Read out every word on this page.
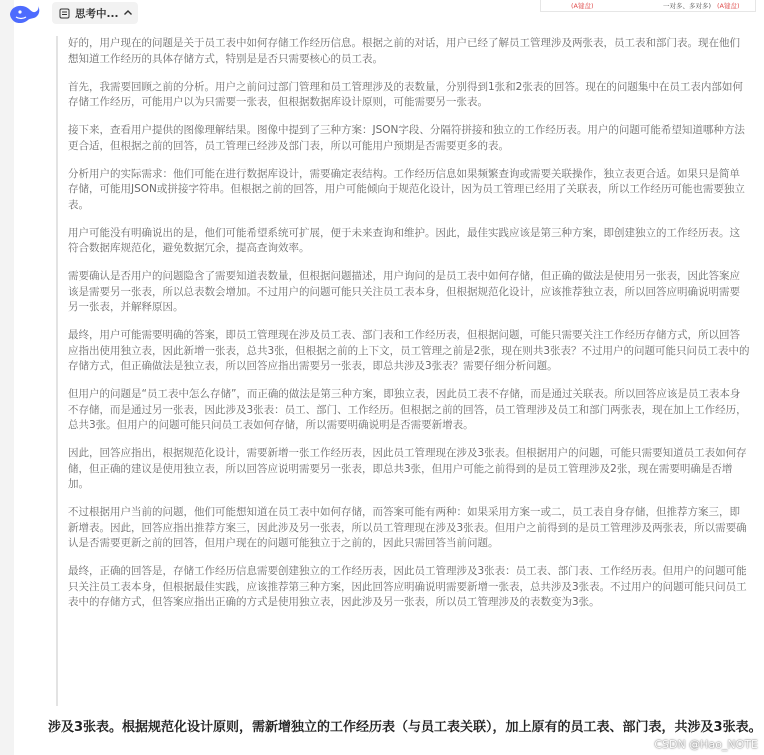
思考中...
(A键盘)	一对多、多对多) (A键盘)

好的，用户现在的问题是关于员工表中如何存储工作经历信息。根据之前的对话，用户已经了解员工管理涉及两张表，员工表和部门表。现在他们想知道工作经历的具体存储方式，特别是是否只需要核心的员工表。

首先，我需要回顾之前的分析。用户之前问过部门管理和员工管理涉及的表数量，分别得到1张和2张表的回答。现在的问题集中在员工表内部如何存储工作经历，可能用户以为只需要一张表，但根据数据库设计原则，可能需要另一张表。

接下来，查看用户提供的图像理解结果。图像中提到了三种方案：JSON字段、分隔符拼接和独立的工作经历表。用户的问题可能希望知道哪种方法更合适，但根据之前的回答，员工管理已经涉及部门表，所以可能用户预期是否需要更多的表。

分析用户的实际需求：他们可能在进行数据库设计，需要确定表结构。工作经历信息如果频繁查询或需要关联操作，独立表更合适。如果只是简单存储，可能用JSON或拼接字符串。但根据之前的回答，用户可能倾向于规范化设计，因为员工管理已经用了关联表，所以工作经历可能也需要独立表。

用户可能没有明确说出的是，他们可能希望系统可扩展，便于未来查询和维护。因此，最佳实践应该是第三种方案，即创建独立的工作经历表。这符合数据库规范化，避免数据冗余，提高查询效率。

需要确认是否用户的问题隐含了需要知道表数量，但根据问题描述，用户询问的是员工表中如何存储，但正确的做法是使用另一张表，因此答案应该是需要另一张表，所以总表数会增加。不过用户的问题可能只关注员工表本身，但根据规范化设计，应该推荐独立表，所以回答应明确说明需要另一张表，并解释原因。

最终，用户可能需要明确的答案，即员工管理现在涉及员工表、部门表和工作经历表，但根据问题，可能只需要关注工作经历存储方式，所以回答应指出使用独立表，因此新增一张表，总共3张，但根据之前的上下文，员工管理之前是2张，现在则共3张表？不过用户的问题可能只问员工表中的存储方式，但正确做法是独立表，所以回答应指出需要另一张表，即总共涉及3张表？需要仔细分析问题。

但用户的问题是“员工表中怎么存储”，而正确的做法是第三种方案，即独立表，因此员工表不存储，而是通过关联表。所以回答应该是员工表本身不存储，而是通过另一张表，因此涉及3张表：员工、部门、工作经历。但根据之前的回答，员工管理涉及员工和部门两张表，现在加上工作经历，总共3张。但用户的问题可能只问员工表如何存储，所以需要明确说明是否需要新增表。

因此，回答应指出，根据规范化设计，需要新增一张工作经历表，因此员工管理现在涉及3张表。但根据用户的问题，可能只需要知道员工表如何存储，但正确的建议是使用独立表，所以回答应说明需要另一张表，即总共3张，但用户可能之前得到的是员工管理涉及2张，现在需要明确是否增加。

不过根据用户当前的问题，他们可能想知道在员工表中如何存储，而答案可能有两种：如果采用方案一或二，员工表自身存储，但推荐方案三，即新增表。因此，回答应指出推荐方案三，因此涉及另一张表，所以员工管理现在涉及3张表。但用户之前得到的是员工管理涉及两张表，所以需要确认是否需要更新之前的回答，但用户现在的问题可能独立于之前的，因此只需回答当前问题。

最终，正确的回答是，存储工作经历信息需要创建独立的工作经历表，因此员工管理涉及3张表：员工表、部门表、工作经历表。但用户的问题可能只关注员工表本身，但根据最佳实践，应该推荐第三种方案，因此回答应明确说明需要新增一张表，总共涉及3张表。不过用户的问题可能只问员工表中的存储方式，但答案应指出正确的方式是使用独立表，因此涉及另一张表，所以员工管理涉及的表数变为3张。

涉及3张表。根据规范化设计原则，需新增独立的工作经历表（与员工表关联），加上原有的员工表、部门表，共涉及3张表。
CSDN @Hao_NOTE
